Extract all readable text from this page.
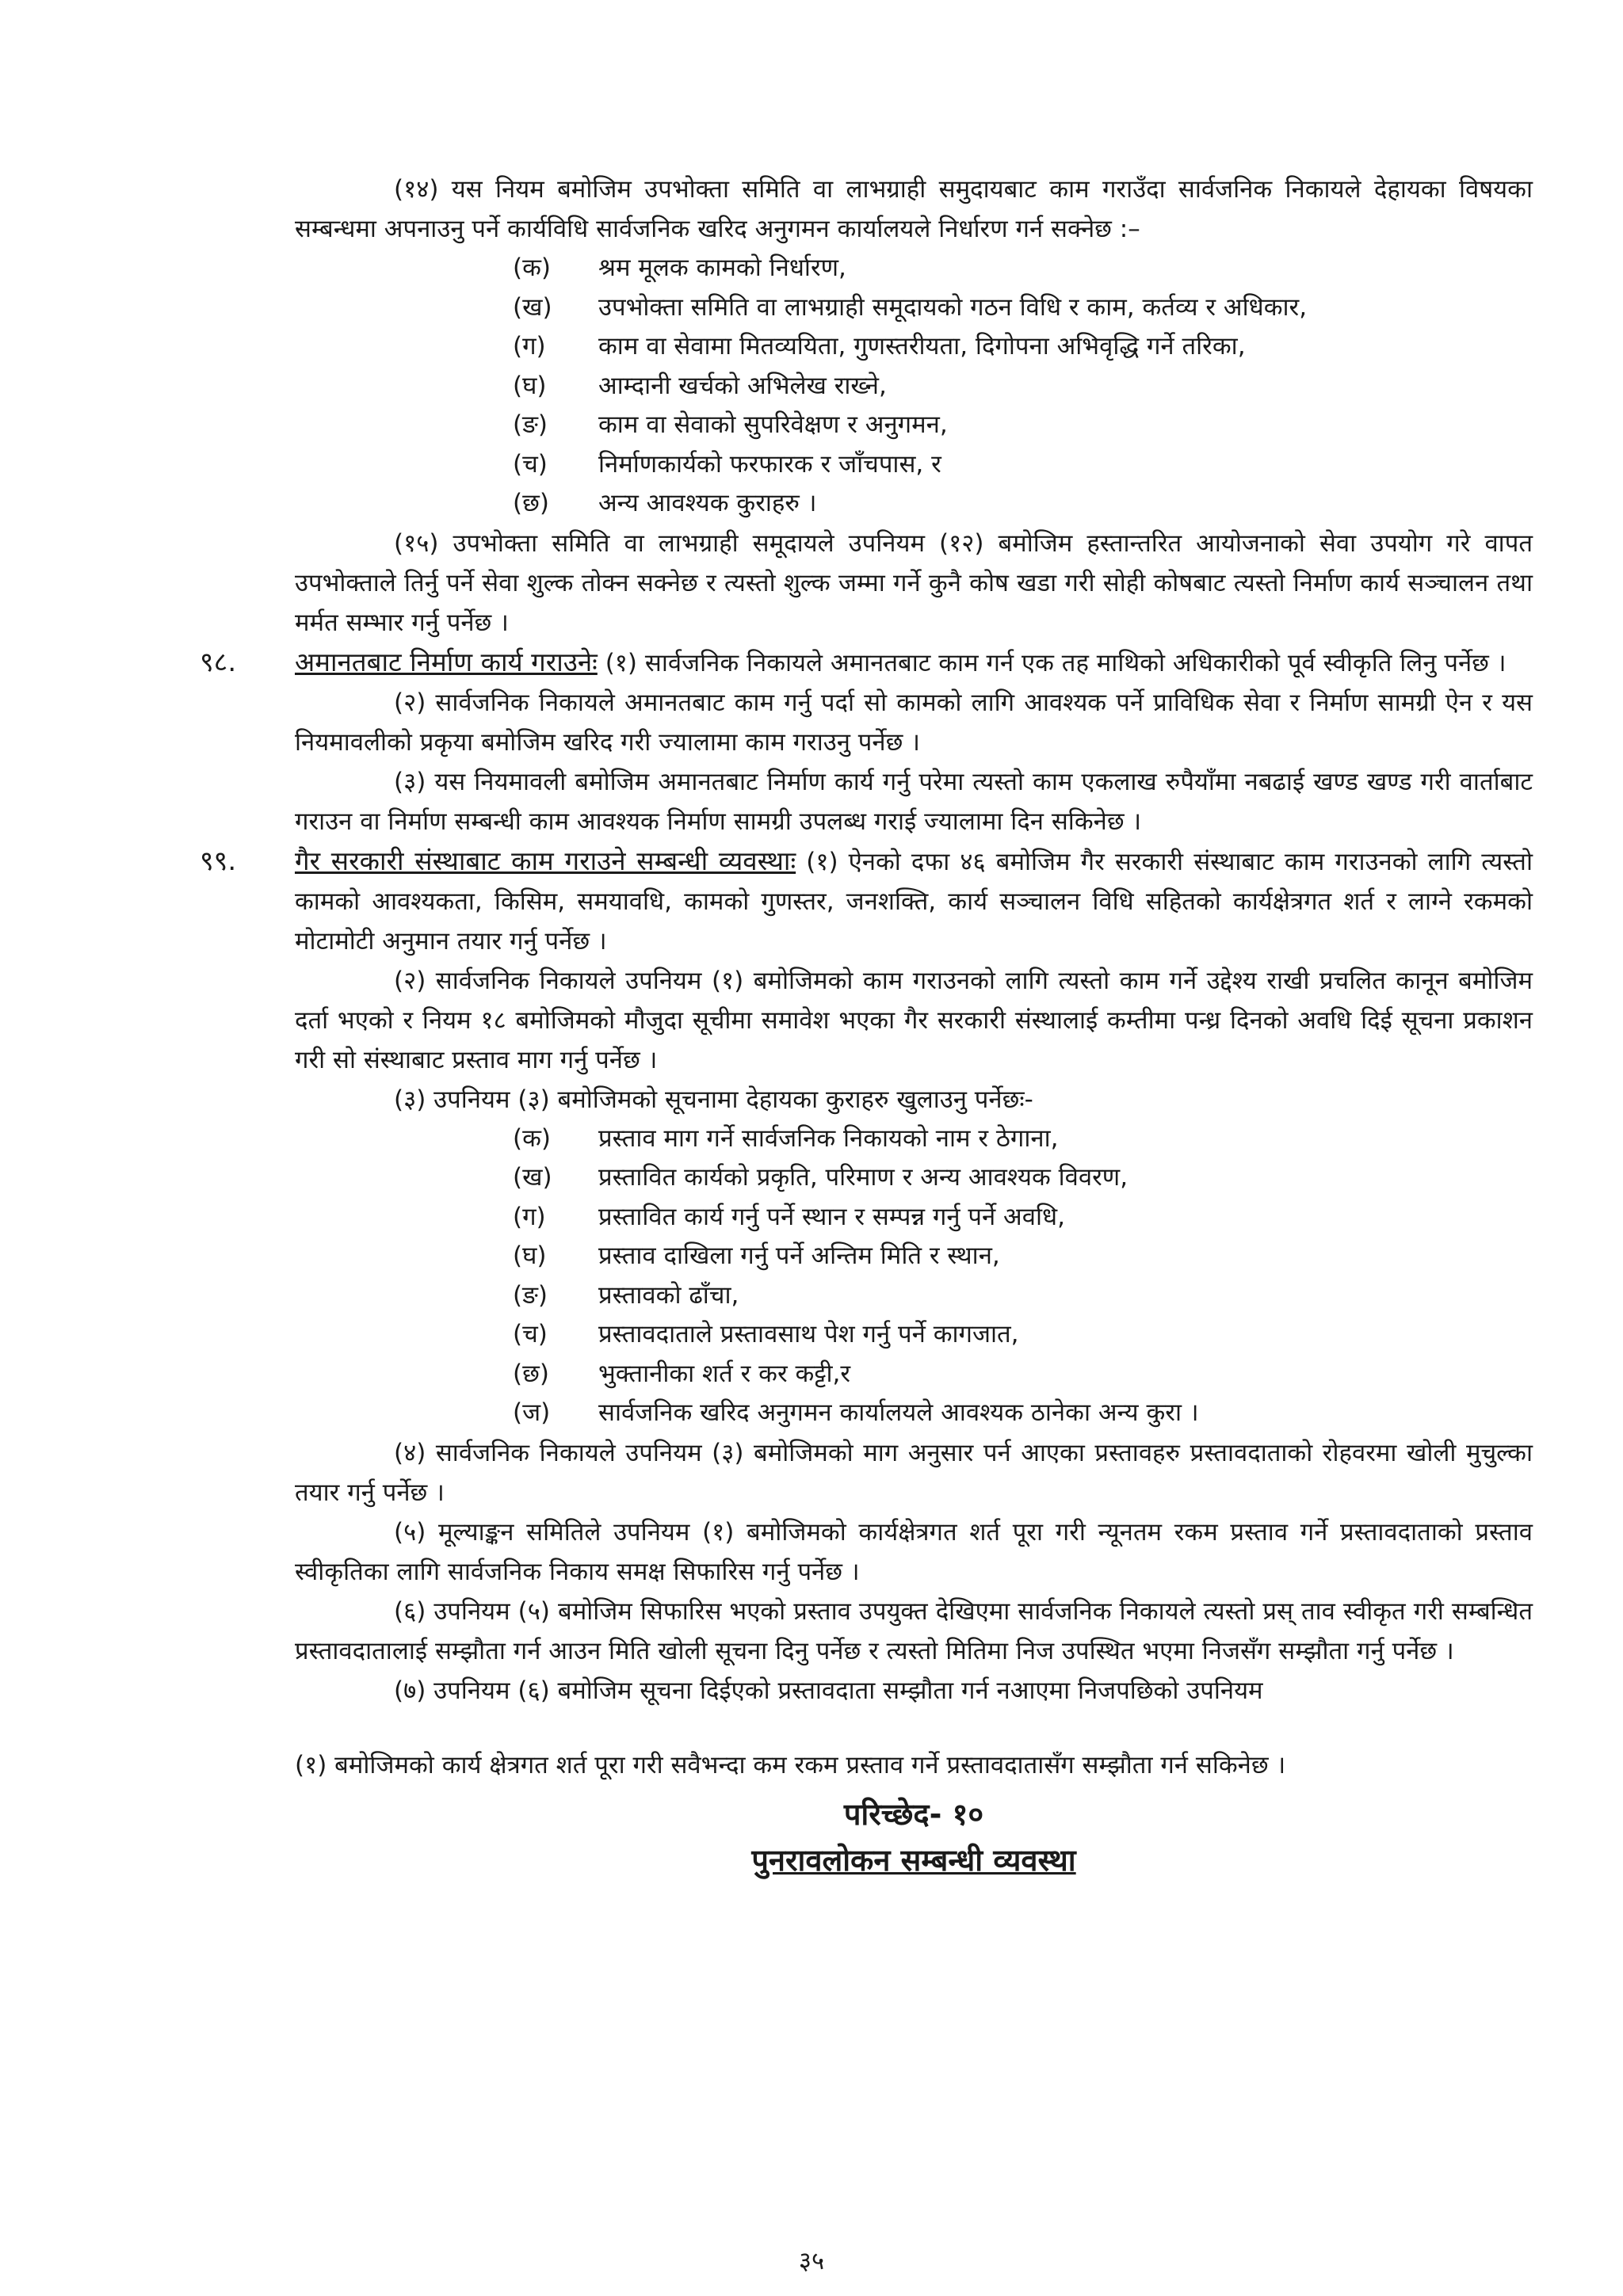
(१४) यस नियम बमोजिम उपभोक्ता समिति वा लाभग्राही समुदायबाट काम गराउँदा सार्वजनिक निकायले देहायका विषयका सम्बन्धमा अपनाउनु पर्ने कार्यविधि सार्वजनिक खरिद अनुगमन कार्यालयले निर्धारण गर्न सक्नेछ :–

(क)	श्रम मूलक कामको निर्धारण,
(ख)	उपभोक्ता समिति वा लाभग्राही समूदायको गठन विधि र काम, कर्तव्य र अधिकार,
(ग)	काम वा सेवामा मितव्ययिता, गुणस्तरीयता, दिगोपना अभिवृद्धि गर्ने तरिका,
(घ)	आम्दानी खर्चको अभिलेख राख्ने,
(ङ)	काम वा सेवाको सुपरिवेक्षण र अनुगमन,
(च)	निर्माणकार्यको फरफारक र जाँचपास, र
(छ)	अन्य आवश्यक कुराहरु ।

(१५) उपभोक्ता समिति वा लाभग्राही समूदायले उपनियम (१२) बमोजिम हस्तान्तरित आयोजनाको सेवा उपयोग गरे वापत उपभोक्ताले तिर्नु पर्ने सेवा शुल्क तोक्न सक्नेछ र त्यस्तो शुल्क जम्मा गर्ने कुनै कोष खडा गरी सोही कोषबाट त्यस्तो निर्माण कार्य सञ्चालन तथा मर्मत सम्भार गर्नु पर्नेछ ।

९८. अमानतबाट निर्माण कार्य गराउनेः (१) सार्वजनिक निकायले अमानतबाट काम गर्न एक तह माथिको अधिकारीको पूर्व स्वीकृति लिनु पर्नेछ ।

(२) सार्वजनिक निकायले अमानतबाट काम गर्नु पर्दा सो कामको लागि आवश्यक पर्ने प्राविधिक सेवा र निर्माण सामग्री ऐन र यस नियमावलीको प्रकृया बमोजिम खरिद गरी ज्यालामा काम गराउनु पर्नेछ ।

(३) यस नियमावली बमोजिम अमानतबाट निर्माण कार्य गर्नु परेमा त्यस्तो काम एकलाख रुपैयाँमा नबढाई खण्ड खण्ड गरी वार्ताबाट गराउन वा निर्माण सम्बन्धी काम आवश्यक निर्माण सामग्री उपलब्ध गराई ज्यालामा दिन सकिनेछ ।

९९. गैर सरकारी संस्थाबाट काम गराउने सम्बन्धी व्यवस्थाः (१) ऐनको दफा ४६ बमोजिम गैर सरकारी संस्थाबाट काम गराउनको लागि त्यस्तो कामको आवश्यकता, किसिम, समयावधि, कामको गुणस्तर, जनशक्ति, कार्य सञ्चालन विधि सहितको कार्यक्षेत्रगत शर्त र लाग्ने रकमको मोटामोटी अनुमान तयार गर्नु पर्नेछ ।

(२) सार्वजनिक निकायले उपनियम (१) बमोजिमको काम गराउनको लागि त्यस्तो काम गर्ने उद्देश्य राखी प्रचलित कानून बमोजिम दर्ता भएको र नियम १८ बमोजिमको मौजुदा सूचीमा समावेश भएका गैर सरकारी संस्थालाई कम्तीमा पन्ध्र दिनको अवधि दिई सूचना प्रकाशन गरी सो संस्थाबाट प्रस्ताव माग गर्नु पर्नेछ ।

(३) उपनियम (३) बमोजिमको सूचनामा देहायका कुराहरु खुलाउनु पर्नेछः-

(क)	प्रस्ताव माग गर्ने सार्वजनिक निकायको नाम र ठेगाना,
(ख)	प्रस्तावित कार्यको प्रकृति, परिमाण र अन्य आवश्यक विवरण,
(ग)	प्रस्तावित कार्य गर्नु पर्ने स्थान र सम्पन्न गर्नु पर्ने अवधि,
(घ)	प्रस्ताव दाखिला गर्नु पर्ने अन्तिम मिति र स्थान,
(ङ)	प्रस्तावको ढाँचा,
(च)	प्रस्तावदाताले प्रस्तावसाथ पेश गर्नु पर्ने कागजात,
(छ)	भुक्तानीका शर्त र कर कट्टी,र
(ज)	सार्वजनिक खरिद अनुगमन कार्यालयले आवश्यक ठानेका अन्य कुरा ।

(४) सार्वजनिक निकायले उपनियम (३) बमोजिमको माग अनुसार पर्न आएका प्रस्तावहरु प्रस्तावदाताको रोहवरमा खोली मुचुल्का तयार गर्नु पर्नेछ ।

(५) मूल्याङ्कन समितिले उपनियम (१) बमोजिमको कार्यक्षेत्रगत शर्त पूरा गरी न्यूनतम रकम प्रस्ताव गर्ने प्रस्तावदाताको प्रस्ताव स्वीकृतिका लागि सार्वजनिक निकाय समक्ष सिफारिस गर्नु पर्नेछ ।

(६) उपनियम (५) बमोजिम सिफारिस भएको प्रस्ताव उपयुक्त देखिएमा सार्वजनिक निकायले त्यस्तो प्रस् ताव स्वीकृत गरी सम्बन्धित प्रस्तावदातालाई सम्झौता गर्न आउन मिति खोली सूचना दिनु पर्नेछ र त्यस्तो मितिमा निज उपस्थित भएमा निजसँग सम्झौता गर्नु पर्नेछ ।

(७) उपनियम (६) बमोजिम सूचना दिईएको प्रस्तावदाता सम्झौता गर्न नआएमा निजपछिको उपनियम

(१) बमोजिमको कार्य क्षेत्रगत शर्त पूरा गरी सवैभन्दा कम रकम प्रस्ताव गर्ने प्रस्तावदातासँग सम्झौता गर्न सकिनेछ ।

परिच्छेद- १०

पुनरावलोकन सम्बन्धी व्यवस्था

३५
